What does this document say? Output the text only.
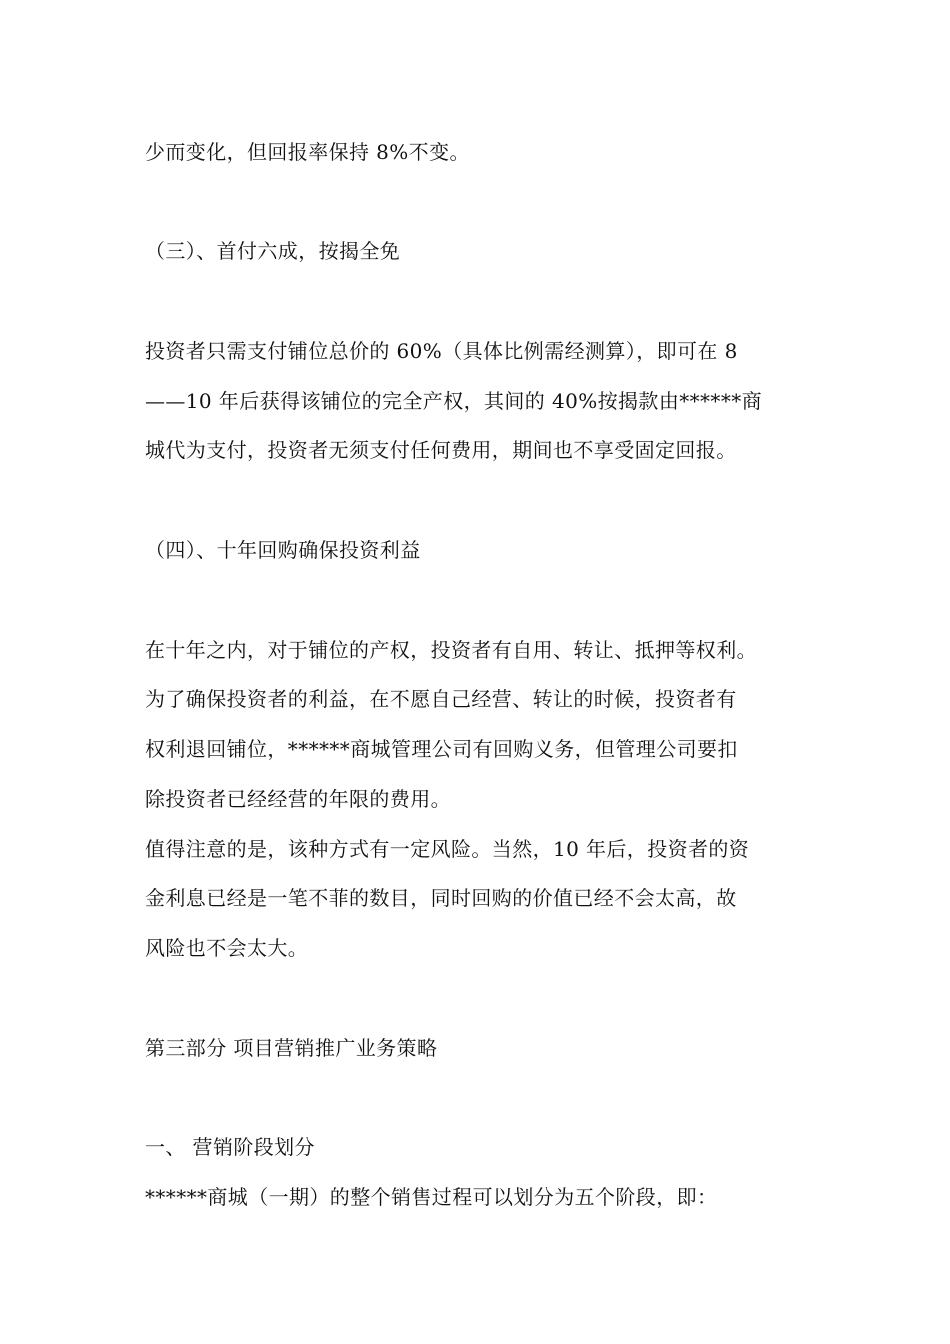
少而变化，但回报率保持 8%不变。
（三）、首付六成，按揭全免
投资者只需支付铺位总价的 60%（具体比例需经测算），即可在 8
——10 年后获得该铺位的完全产权，其间的 40%按揭款由******商
城代为支付，投资者无须支付任何费用，期间也不享受固定回报。
（四）、十年回购确保投资利益
在十年之内，对于铺位的产权，投资者有自用、转让、抵押等权利。
为了确保投资者的利益，在不愿自己经营、转让的时候，投资者有
权利退回铺位，******商城管理公司有回购义务，但管理公司要扣
除投资者已经经营的年限的费用。
值得注意的是，该种方式有一定风险。当然，10 年后，投资者的资
金利息已经是一笔不菲的数目，同时回购的价值已经不会太高，故
风险也不会太大。
第三部分 项目营销推广业务策略
一、 营销阶段划分
******商城（一期）的整个销售过程可以划分为五个阶段，即：
